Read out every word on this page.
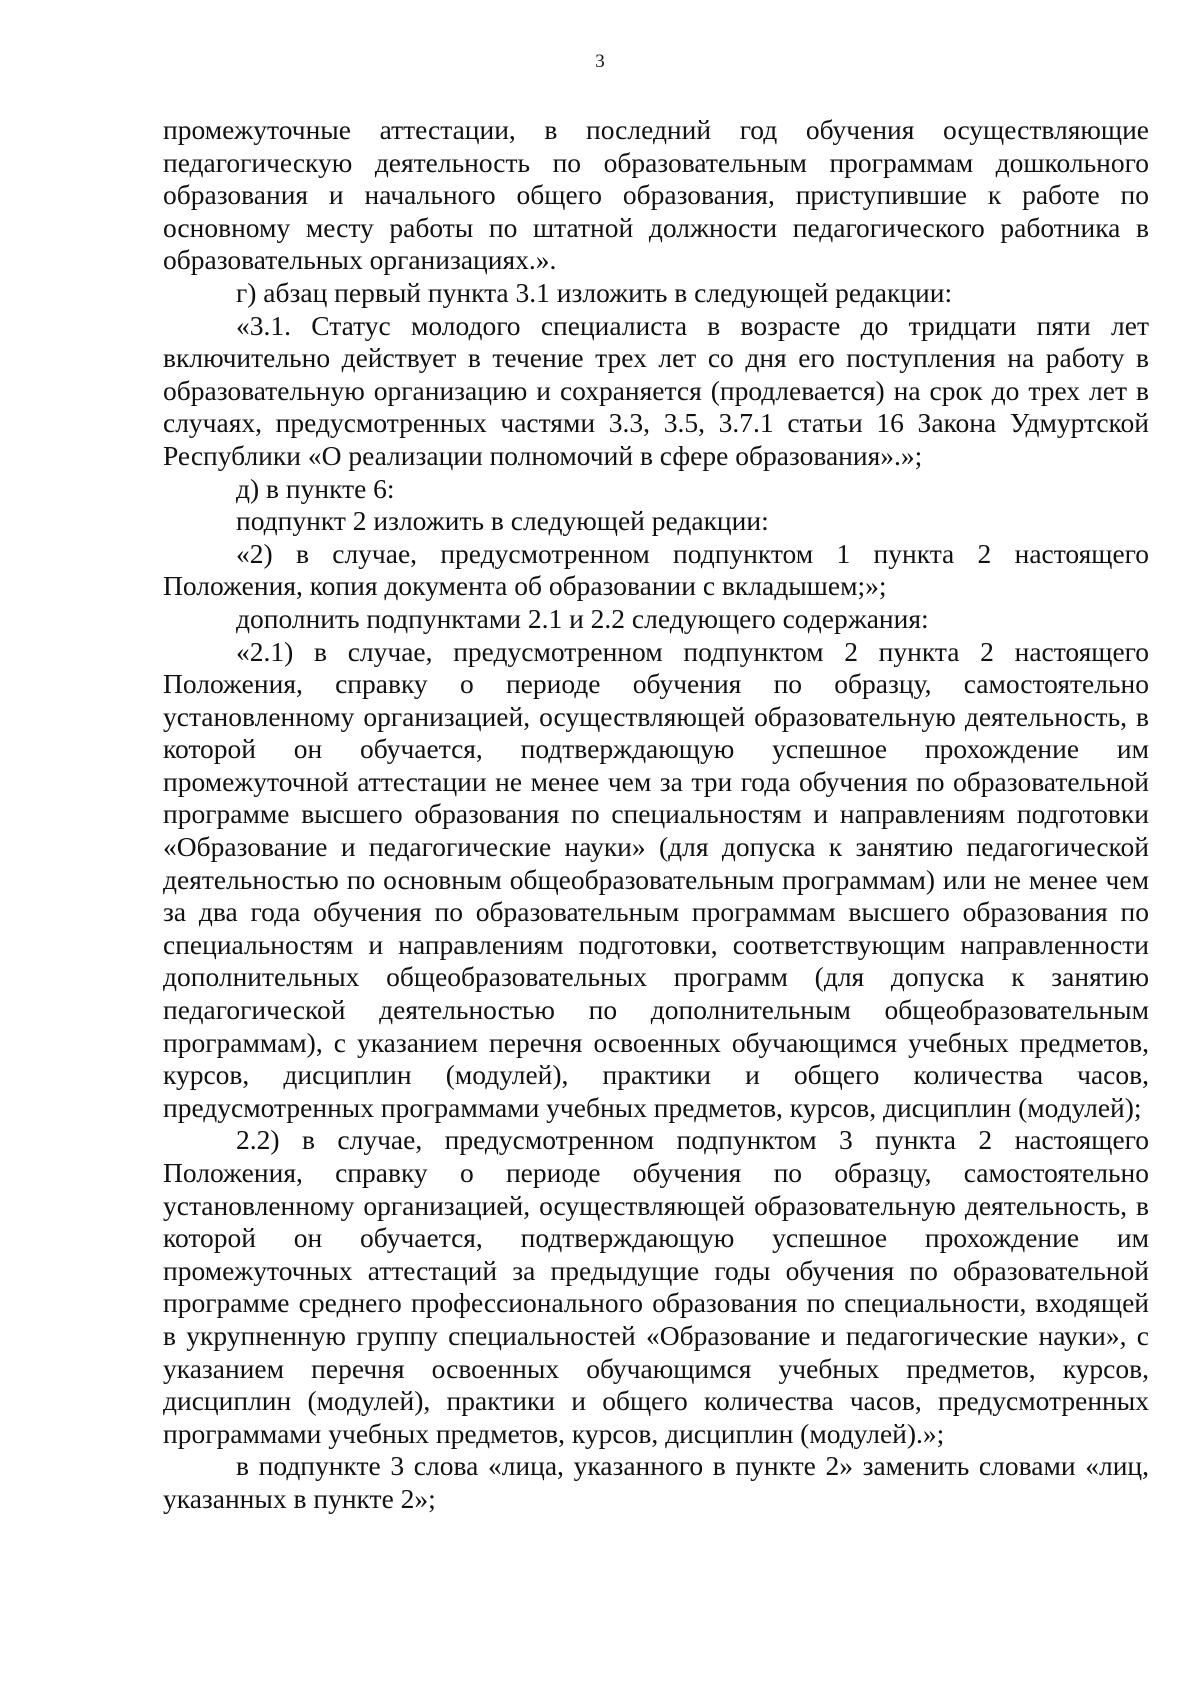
3

промежуточные аттестации, в последний год обучения осуществляющие педагогическую деятельность по образовательным программам дошкольного образования и начального общего образования, приступившие к работе по основному месту работы по штатной должности педагогического работника в образовательных организациях.».

г) абзац первый пункта 3.1 изложить в следующей редакции:

«3.1. Статус молодого специалиста в возрасте до тридцати пяти лет включительно действует в течение трех лет со дня его поступления на работу в образовательную организацию и сохраняется (продлевается) на срок до трех лет в случаях, предусмотренных частями 3.3, 3.5, 3.7.1 статьи 16 Закона Удмуртской Республики «О реализации полномочий в сфере образования».»;

д) в пункте 6:

подпункт 2 изложить в следующей редакции:

«2) в случае, предусмотренном подпунктом 1 пункта 2 настоящего Положения, копия документа об образовании с вкладышем;»;

дополнить подпунктами 2.1 и 2.2 следующего содержания:

«2.1) в случае, предусмотренном подпунктом 2 пункта 2 настоящего Положения, справку о периоде обучения по образцу, самостоятельно установленному организацией, осуществляющей образовательную деятельность, в которой он обучается, подтверждающую успешное прохождение им промежуточной аттестации не менее чем за три года обучения по образовательной программе высшего образования по специальностям и направлениям подготовки «Образование и педагогические науки» (для допуска к занятию педагогической деятельностью по основным общеобразовательным программам) или не менее чем за два года обучения по образовательным программам высшего образования по специальностям и направлениям подготовки, соответствующим направленности дополнительных общеобразовательных программ (для допуска к занятию педагогической деятельностью по дополнительным общеобразовательным программам), с указанием перечня освоенных обучающимся учебных предметов, курсов, дисциплин (модулей), практики и общего количества часов, предусмотренных программами учебных предметов, курсов, дисциплин (модулей);

2.2) в случае, предусмотренном подпунктом 3 пункта 2 настоящего Положения, справку о периоде обучения по образцу, самостоятельно установленному организацией, осуществляющей образовательную деятельность, в которой он обучается, подтверждающую успешное прохождение им промежуточных аттестаций за предыдущие годы обучения по образовательной программе среднего профессионального образования по специальности, входящей в укрупненную группу специальностей «Образование и педагогические науки», с указанием перечня освоенных обучающимся учебных предметов, курсов, дисциплин (модулей), практики и общего количества часов, предусмотренных программами учебных предметов, курсов, дисциплин (модулей).»;

в подпункте 3 слова «лица, указанного в пункте 2» заменить словами «лиц, указанных в пункте 2»;
